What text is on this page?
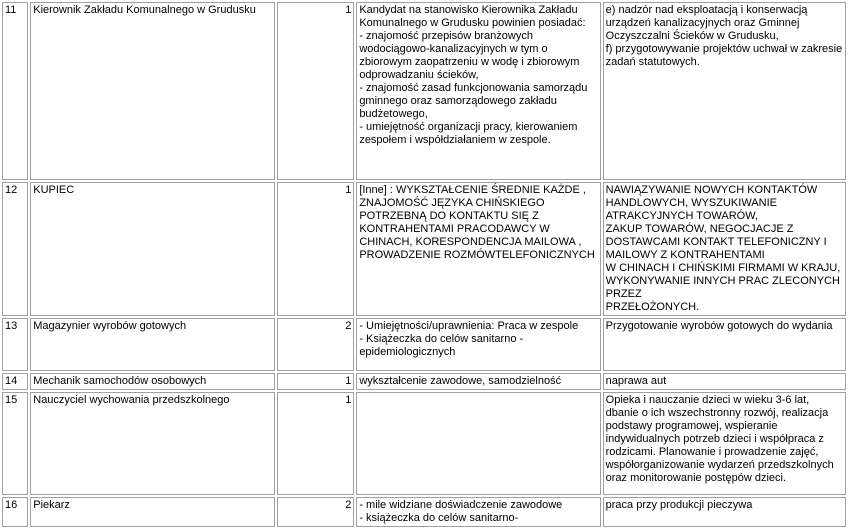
11	Kierownik Zakładu Komunalnego w Grudusku	1	Kandydat na stanowisko Kierownika Zakładu Komunalnego w Grudusku powinien posiadać:
- znajomość przepisów branżowych wodociągowo-kanalizacyjnych w tym o zbiorowym zaopatrzeniu w wodę i zbiorowym odprowadzaniu ścieków,
- znajomość zasad funkcjonowania samorządu gminnego oraz samorządowego zakładu budżetowego,
- umiejętność organizacji pracy, kierowaniem zespołem i współdziałaniem w zespole.	e) nadzór nad eksploatacją i konserwacją urządzeń kanalizacyjnych oraz Gminnej Oczyszczalni Ścieków w Grudusku,
f) przygotowywanie projektów uchwał w zakresie zadań statutowych.

12	KUPIEC	1	[Inne] : WYKSZTAŁCENIE ŚREDNIE KAŻDE , ZNAJOMOŚĆ JĘZYKA CHIŃSKIEGO POTRZEBNĄ DO KONTAKTU SIĘ Z KONTRAHENTAMI PRACODAWCY W CHINACH, KORESPONDENCJA MAILOWA , PROWADZENIE ROZMÓWTELEFONICZNYCH	NAWIĄZYWANIE NOWYCH KONTAKTÓW HANDLOWYCH, WYSZUKIWANIE ATRAKCYJNYCH TOWARÓW,
ZAKUP TOWARÓW, NEGOCJACJE Z DOSTAWCAMI KONTAKT TELEFONICZNY I MAILOWY Z KONTRAHENTAMI
W CHINACH I CHIŃSKIMI FIRMAMI W KRAJU, WYKONYWANIE INNYCH PRAC ZLECONYCH PRZEZ
PRZEŁOŻONYCH.

13	Magazynier wyrobów gotowych	2	- Umiejętności/uprawnienia: Praca w zespole
- Książeczka do celów sanitarno - epidemiologicznych	Przygotowanie wyrobów gotowych do wydania

14	Mechanik samochodów osobowych	1	wykształcenie zawodowe, samodzielność	naprawa aut

15	Nauczyciel wychowania przedszkolnego	1		Opieka i nauczanie dzieci w wieku 3-6 lat, dbanie o ich wszechstronny rozwój, realizacja podstawy programowej, wspieranie indywidualnych potrzeb dzieci i współpraca z rodzicami. Planowanie i prowadzenie zajęć, współorganizowanie wydarzeń przedszkolnych oraz monitorowanie postępów dzieci.

16	Piekarz	2	- mile widziane doświadczenie zawodowe
- książeczka do celów sanitarno-	praca przy produkcji pieczywa
